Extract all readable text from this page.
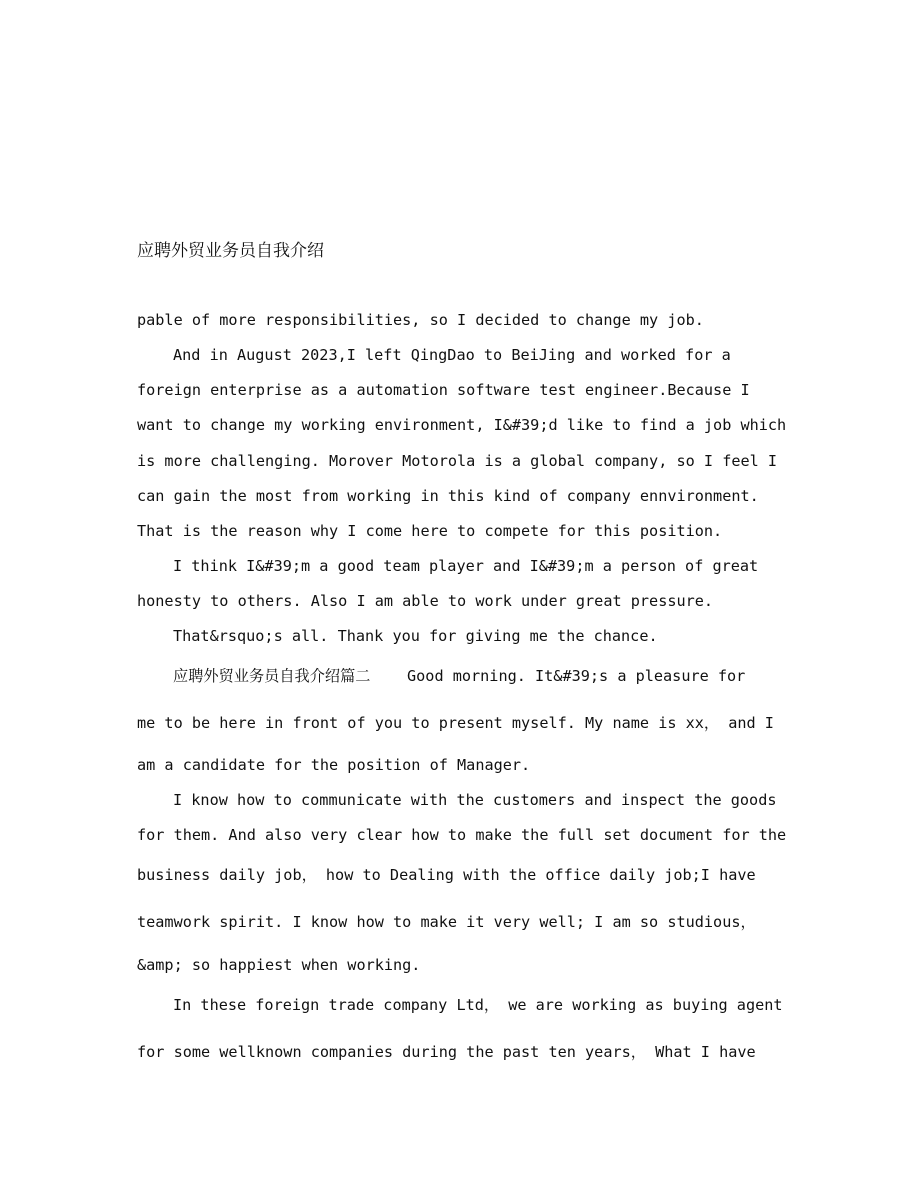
应聘外贸业务员自我介绍
pable of more responsibilities, so I decided to change my job.
And in August 2023,I left QingDao to BeiJing and worked for a
foreign enterprise as a automation software test engineer.Because I
want to change my working environment, I&#39;d like to find a job which
is more challenging. Morover Motorola is a global company, so I feel I
can gain the most from working in this kind of company ennvironment.
That is the reason why I come here to compete for this position.
I think I&#39;m a good team player and I&#39;m a person of great
honesty to others. Also I am able to work under great pressure.
That&rsquo;s all. Thank you for giving me the chance.
应聘外贸业务员自我介绍篇二    Good morning. It&#39;s a pleasure for
me to be here in front of you to present myself. My name is xx， and I
am a candidate for the position of Manager.
I know how to communicate with the customers and inspect the goods
for them. And also very clear how to make the full set document for the
business daily job， how to Dealing with the office daily job;I have
teamwork spirit. I know how to make it very well; I am so studious，
&amp; so happiest when working.
In these foreign trade company Ltd， we are working as buying agent
for some wellknown companies during the past ten years， What I have
